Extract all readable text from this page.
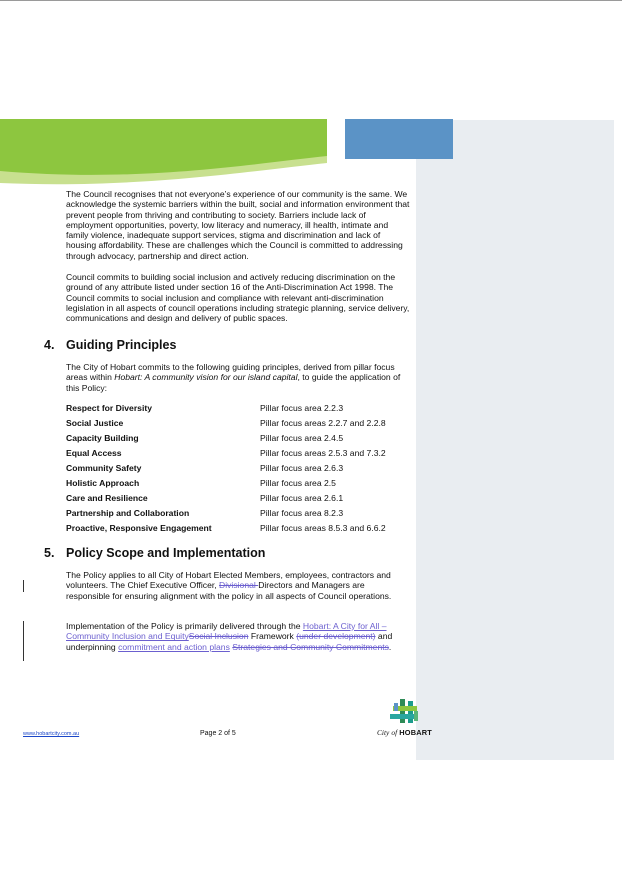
The Council recognises that not everyone’s experience of our community is the same. We acknowledge the systemic barriers within the built, social and information environment that prevent people from thriving and contributing to society. Barriers include lack of employment opportunities, poverty, low literacy and numeracy, ill health, intimate and family violence, inadequate support services, stigma and discrimination and lack of housing affordability. These are challenges which the Council is committed to addressing through advocacy, partnership and direct action.

Council commits to building social inclusion and actively reducing discrimination on the ground of any attribute listed under section 16 of the Anti-Discrimination Act 1998. The Council commits to social inclusion and compliance with relevant anti-discrimination legislation in all aspects of council operations including strategic planning, service delivery, communications and design and delivery of public spaces.

4. Guiding Principles

The City of Hobart commits to the following guiding principles, derived from pillar focus areas within Hobart: A community vision for our island capital, to guide the application of this Policy:

Respect for Diversity	Pillar focus area 2.2.3
Social Justice	Pillar focus areas 2.2.7 and 2.2.8
Capacity Building	Pillar focus area 2.4.5
Equal Access	Pillar focus areas 2.5.3 and 7.3.2
Community Safety	Pillar focus area 2.6.3
Holistic Approach	Pillar focus area 2.5
Care and Resilience	Pillar focus area 2.6.1
Partnership and Collaboration	Pillar focus area 8.2.3
Proactive, Responsive Engagement	Pillar focus areas 8.5.3 and 6.6.2
5. Policy Scope and Implementation

The Policy applies to all City of Hobart Elected Members, employees, contractors and volunteers. The Chief Executive Officer, Divisional Directors and Managers are responsible for ensuring alignment with the policy in all aspects of Council operations.

Implementation of the Policy is primarily delivered through the Hobart: A City for All – Community Inclusion and EquitySocial Inclusion Framework (under development) and underpinning commitment and action plans Strategies and Community Commitments.

www.hobartcity.com.au	Page 2 of 5	City of HOBART
